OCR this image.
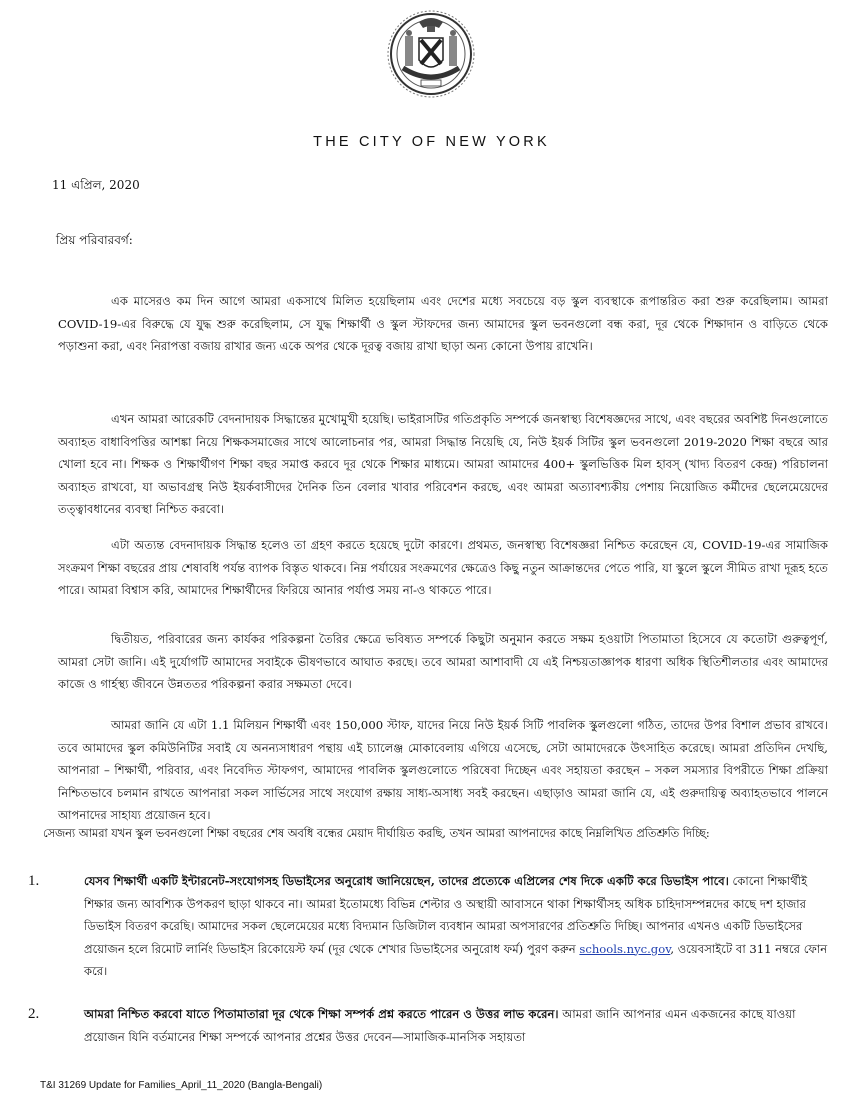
THE CITY OF NEW YORK
11 এপ্রিল, 2020
প্রিয় পরিবারবর্গ:

এক মাসেরও কম দিন আগে আমরা একসাথে মিলিত হয়েছিলাম এবং দেশের মধ্যে সবচেয়ে বড় স্কুল ব্যবস্থাকে রূপান্তরিত করা শুরু করেছিলাম। আমরা COVID-19-এর বিরুদ্ধে যে যুদ্ধ শুরু করেছিলাম, সে যুদ্ধ শিক্ষার্থী ও স্কুল স্টাফদের জন্য আমাদের স্কুল ভবনগুলো বন্ধ করা, দূর থেকে শিক্ষাদান ও বাড়িতে থেকে পড়াশুনা করা, এবং নিরাপত্তা বজায় রাখার জন্য একে অপর থেকে দূরত্ব বজায় রাখা ছাড়া অন্য কোনো উপায় রাখেনি।

এখন আমরা আরেকটি বেদনাদায়ক সিদ্ধান্তের মুখোমুখী হয়েছি। ভাইরাসটির গতিপ্রকৃতি সম্পর্কে জনস্বাস্থ্য বিশেষজ্ঞদের সাথে, এবং বছরের অবশিষ্ট দিনগুলোতে অব্যাহত বাধাবিপত্তির আশঙ্কা নিয়ে শিক্ষকসমাজের সাথে আলোচনার পর, আমরা সিদ্ধান্ত নিয়েছি যে, নিউ ইয়র্ক সিটির স্কুল ভবনগুলো 2019-2020 শিক্ষা বছরে আর খোলা হবে না। শিক্ষক ও শিক্ষার্থীগণ শিক্ষা বছর সমাপ্ত করবে দূর থেকে শিক্ষার মাধ্যমে। আমরা আমাদের 400+ স্কুলভিত্তিক মিল হাবস্ (খাদ্য বিতরণ কেন্দ্র) পরিচালনা অব্যাহত রাখবো, যা অভাবগ্রস্থ নিউ ইয়র্কবাসীদের দৈনিক তিন বেলার খাবার পরিবেশন করছে, এবং আমরা অত্যাবশ্যকীয় পেশায় নিয়োজিত কর্মীদের ছেলেমেয়েদের তত্ত্বাবধানের ব্যবস্থা নিশ্চিত করবো।

এটা অত্যন্ত বেদনাদায়ক সিদ্ধান্ত হলেও তা গ্রহণ করতে হয়েছে দুটো কারণে। প্রথমত, জনস্বাস্থ্য বিশেষজ্ঞরা নিশ্চিত করেছেন যে, COVID-19-এর সামাজিক সংক্রমণ শিক্ষা বছরের প্রায় শেষাবধি পর্যন্ত ব্যাপক বিস্তৃত থাকবে। নিম্ন পর্যায়ের সংক্রমণের ক্ষেত্রেও কিছু নতুন আক্রান্তদের পেতে পারি, যা স্কুলে স্কুলে সীমিত রাখা দূরূহ হতে পারে। আমরা বিশ্বাস করি, আমাদের শিক্ষার্থীদের ফিরিয়ে আনার পর্যাপ্ত সময় না-ও থাকতে পারে।

দ্বিতীয়ত, পরিবারের জন্য কার্যকর পরিকল্পনা তৈরির ক্ষেত্রে ভবিষ্যত সম্পর্কে কিছুটা অনুমান করতে সক্ষম হওয়াটা পিতামাতা হিসেবে যে কতোটা গুরুত্বপূর্ণ, আমরা সেটা জানি। এই দুর্যোগটি আমাদের সবাইকে ভীষণভাবে আঘাত করছে। তবে আমরা আশাবাদী যে এই নিশ্চয়তাজ্ঞাপক ধারণা অধিক স্থিতিশীলতার এবং আমাদের কাজে ও গার্হস্থ্য জীবনে উন্নততর পরিকল্পনা করার সক্ষমতা দেবে।

আমরা জানি যে এটা 1.1 মিলিয়ন শিক্ষার্থী এবং 150,000 স্টাফ, যাদের নিয়ে নিউ ইয়র্ক সিটি পাবলিক স্কুলগুলো গঠিত, তাদের উপর বিশাল প্রভাব রাখবে। তবে আমাদের স্কুল কমিউনিটির সবাই যে অনন্যসাধারণ পন্থায় এই চ্যালেঞ্জ মোকাবেলায় এগিয়ে এসেছে, সেটা আমাদেরকে উৎসাহিত করেছে। আমরা প্রতিদিন দেখছি, আপনারা – শিক্ষার্থী, পরিবার, এবং নিবেদিত স্টাফগণ, আমাদের পাবলিক স্কুলগুলোতে পরিষেবা দিচ্ছেন এবং সহায়তা করছেন – সকল সমস্যার বিপরীতে শিক্ষা প্রক্রিয়া নিশ্চিতভাবে চলমান রাখতে আপনারা সকল সার্ভিসের সাথে সংযোগ রক্ষায় সাধ্য-অসাধ্য সবই করছেন। এছাড়াও আমরা জানি যে, এই গুরুদায়িত্ব অব্যাহতভাবে পালনে আপনাদের সাহায্য প্রয়োজন হবে।

সেজন্য আমরা যখন স্কুল ভবনগুলো শিক্ষা বছরের শেষ অবধি বন্ধের মেয়াদ দীর্ঘায়িত করছি, তখন আমরা আপনাদের কাছে নিম্নলিখিত প্রতিশ্রুতি দিচ্ছি:

1.	যেসব শিক্ষার্থী একটি ইন্টারনেট-সংযোগসহ ডিভাইসের অনুরোধ জানিয়েছেন, তাদের প্রত্যেকে এপ্রিলের শেষ দিকে একটি করে ডিভাইস পাবে। কোনো শিক্ষার্থীই শিক্ষার জন্য আবশ্যিক উপকরণ ছাড়া থাকবে না। আমরা ইতোমধ্যে বিভিন্ন শেল্টার ও অস্থায়ী আবাসনে থাকা শিক্ষার্থীসহ অধিক চাহিদাসম্পন্নদের কাছে দশ হাজার ডিভাইস বিতরণ করেছি। আমাদের সকল ছেলেমেয়ের মধ্যে বিদ্যমান ডিজিটাল ব্যবধান আমরা অপসারণের প্রতিশ্রুতি দিচ্ছি। আপনার এখনও একটি ডিভাইসের প্রয়োজন হলে রিমোট লার্নিং ডিভাইস রিকোয়েস্ট ফর্ম (দূর থেকে শেখার ডিভাইসের অনুরোধ ফর্ম) পুরণ করুন schools.nyc.gov, ওয়েবসাইটে বা 311 নম্বরে ফোন করে।
2.	আমরা নিশ্চিত করবো যাতে পিতামাতারা দূর থেকে শিক্ষা সম্পর্ক প্রশ্ন করতে পারেন ও উত্তর লাভ করেন। আমরা জানি আপনার এমন একজনের কাছে যাওয়া প্রয়োজন যিনি বর্তমানের শিক্ষা সম্পর্কে আপনার প্রশ্নের উত্তর দেবেন—সামাজিক-মানসিক সহায়তা
T&I 31269 Update for Families_April_11_2020 (Bangla-Bengali)
